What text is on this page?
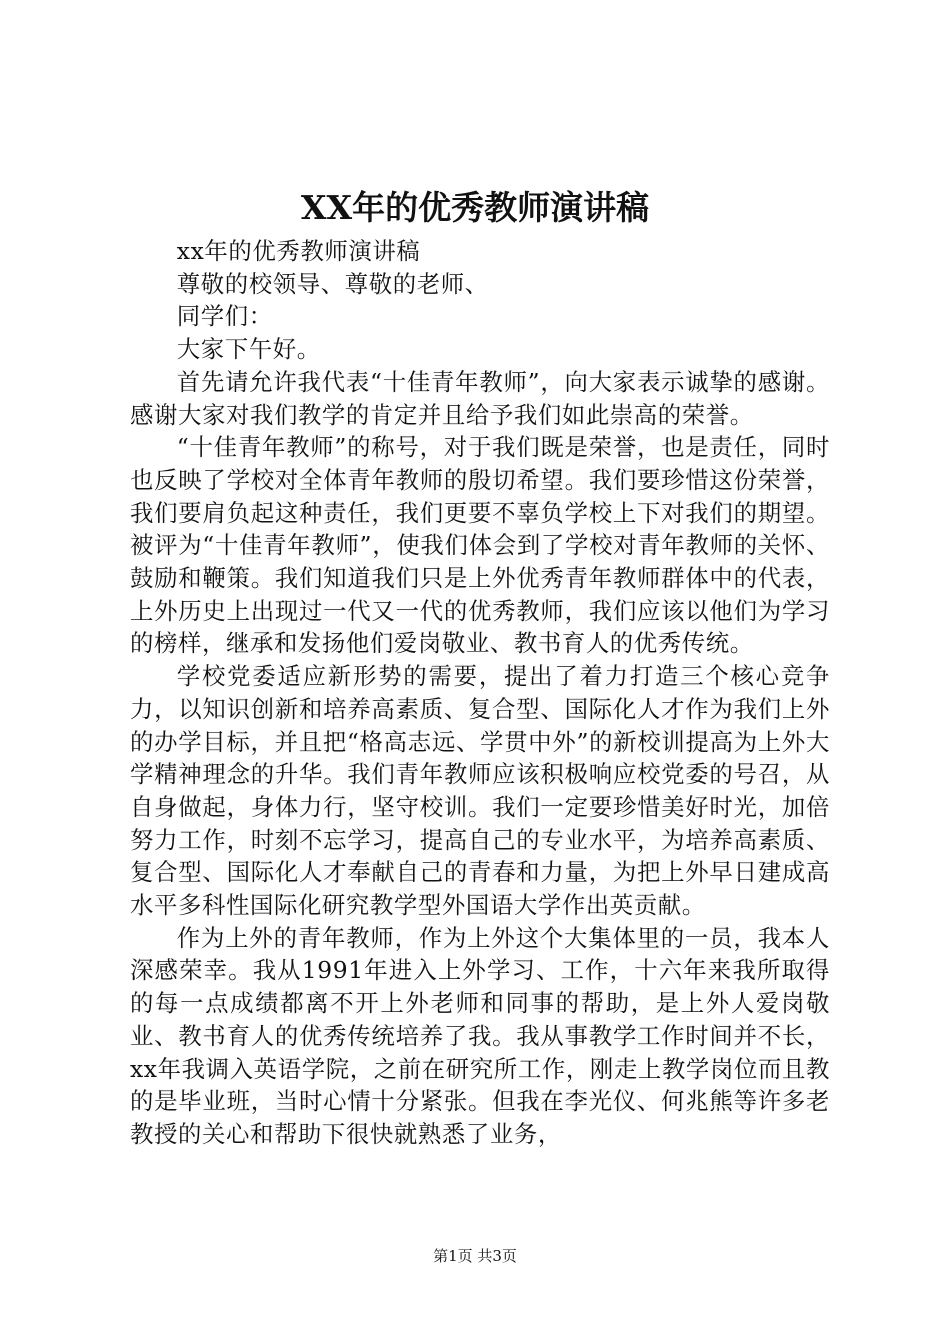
XX年的优秀教师演讲稿

xx年的优秀教师演讲稿

尊敬的校领导、尊敬的老师、

同学们：

大家下午好。

首先请允许我代表“十佳青年教师”，向大家表示诚挚的感谢。感谢大家对我们教学的肯定并且给予我们如此崇高的荣誉。

“十佳青年教师”的称号，对于我们既是荣誉，也是责任，同时也反映了学校对全体青年教师的殷切希望。我们要珍惜这份荣誉，我们要肩负起这种责任，我们更要不辜负学校上下对我们的期望。被评为“十佳青年教师”，使我们体会到了学校对青年教师的关怀、鼓励和鞭策。我们知道我们只是上外优秀青年教师群体中的代表，上外历史上出现过一代又一代的优秀教师，我们应该以他们为学习的榜样，继承和发扬他们爱岗敬业、教书育人的优秀传统。

学校党委适应新形势的需要，提出了着力打造三个核心竞争力，以知识创新和培养高素质、复合型、国际化人才作为我们上外的办学目标，并且把“格高志远、学贯中外”的新校训提高为上外大学精神理念的升华。我们青年教师应该积极响应校党委的号召，从自身做起，身体力行，坚守校训。我们一定要珍惜美好时光，加倍努力工作，时刻不忘学习，提高自己的专业水平，为培养高素质、复合型、国际化人才奉献自己的青春和力量，为把上外早日建成高水平多科性国际化研究教学型外国语大学作出英贡献。

作为上外的青年教师，作为上外这个大集体里的一员，我本人深感荣幸。我从1991年进入上外学习、工作，十六年来我所取得的每一点成绩都离不开上外老师和同事的帮助，是上外人爱岗敬业、教书育人的优秀传统培养了我。我从事教学工作时间并不长，xx年我调入英语学院，之前在研究所工作，刚走上教学岗位而且教的是毕业班，当时心情十分紧张。但我在李光仪、何兆熊等许多老教授的关心和帮助下很快就熟悉了业务，

第1页 共3页
